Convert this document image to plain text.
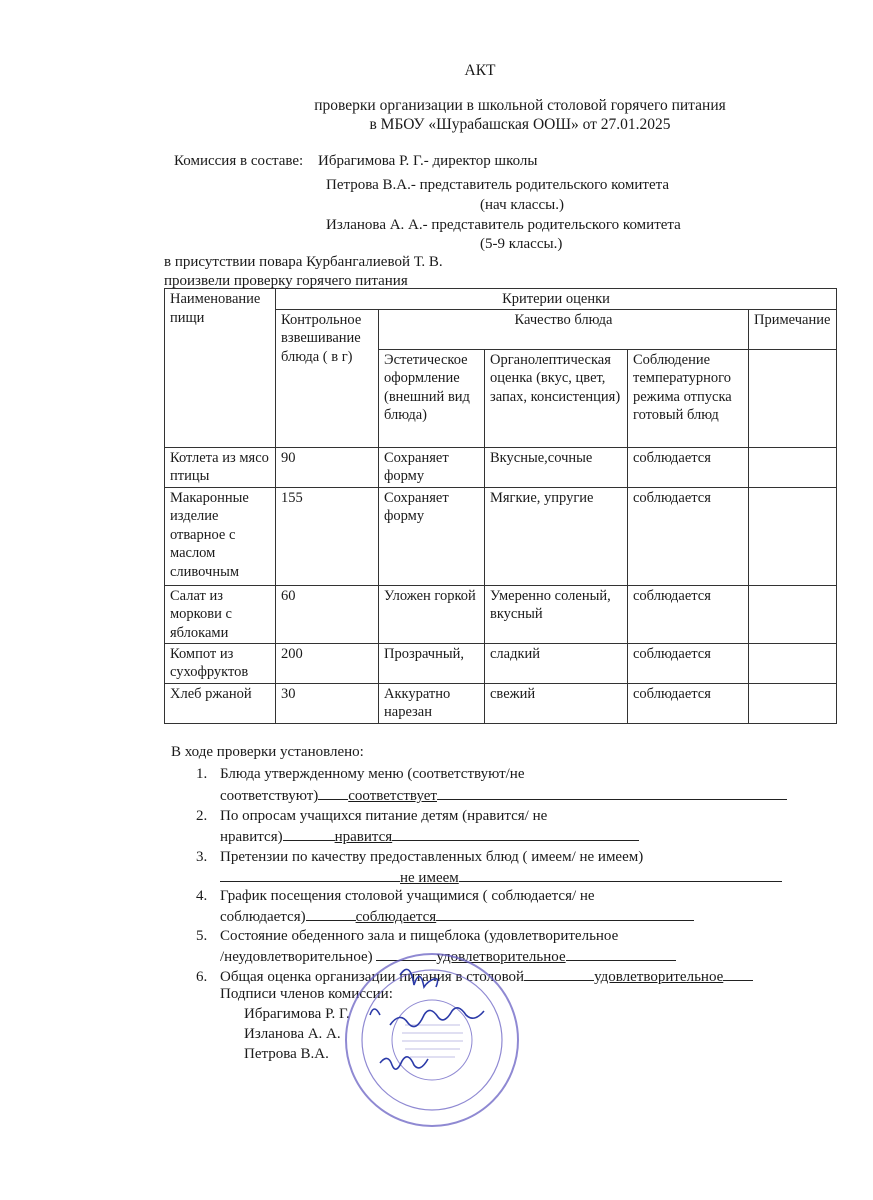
АКТ
проверки организации в школьной столовой горячего питания
в МБОУ «Шурабашская ООШ» от 27.01.2025
Комиссия в составе: Ибрагимова Р. Г.- директор школы
Петрова В.А.- представитель родительского комитета
(нач классы.)
Изланова А. А.- представитель родительского комитета
(5-9 классы.)
в присутствии повара Курбангалиевой Т. В.
произвели проверку горячего питания
Наименование пищи	Критерии оценки				
	Контрольное взвешивание блюда ( в г)	Качество блюда			Примечание
		Эстетическое оформление (внешний вид блюда)	Органолептическая оценка (вкус, цвет, запах, консистенция)	Соблюдение температурного режима отпуска готовый блюд	
Котлета из мясо птицы	90	Сохраняет форму	Вкусные,сочные	соблюдается	
Макаронные изделие отварное с маслом сливочным	155	Сохраняет форму	Мягкие, упругие	соблюдается	
Салат из моркови с яблоками	60	Уложен горкой	Умеренно соленый, вкусный	соблюдается	
Компот из сухофруктов	200	Прозрачный,	сладкий	соблюдается	
Хлеб ржаной	30	Аккуратно нарезан	свежий	соблюдается	
В ходе проверки установлено:
1. Блюда утвержденному меню (соответствуют/не
соответствуют) соответствует
2. По опросам учащихся питание детям (нравится/ не
нравится)	нравится
3. Претензии по качеству предоставленных блюд ( имеем/ не имеем)
не имеем
4. График посещения столовой учащимися ( соблюдается/ не
соблюдается)	соблюдается
5. Состояние обеденного зала и пищеблока (удовлетворительное
/неудовлетворительное)	удовлетворительное
6. Общая оценка организации питания в столовой	удовлетворительное
Подписи членов комиссии:
Ибрагимова Р. Г.
Изланова А. А.
Петрова В.А.
